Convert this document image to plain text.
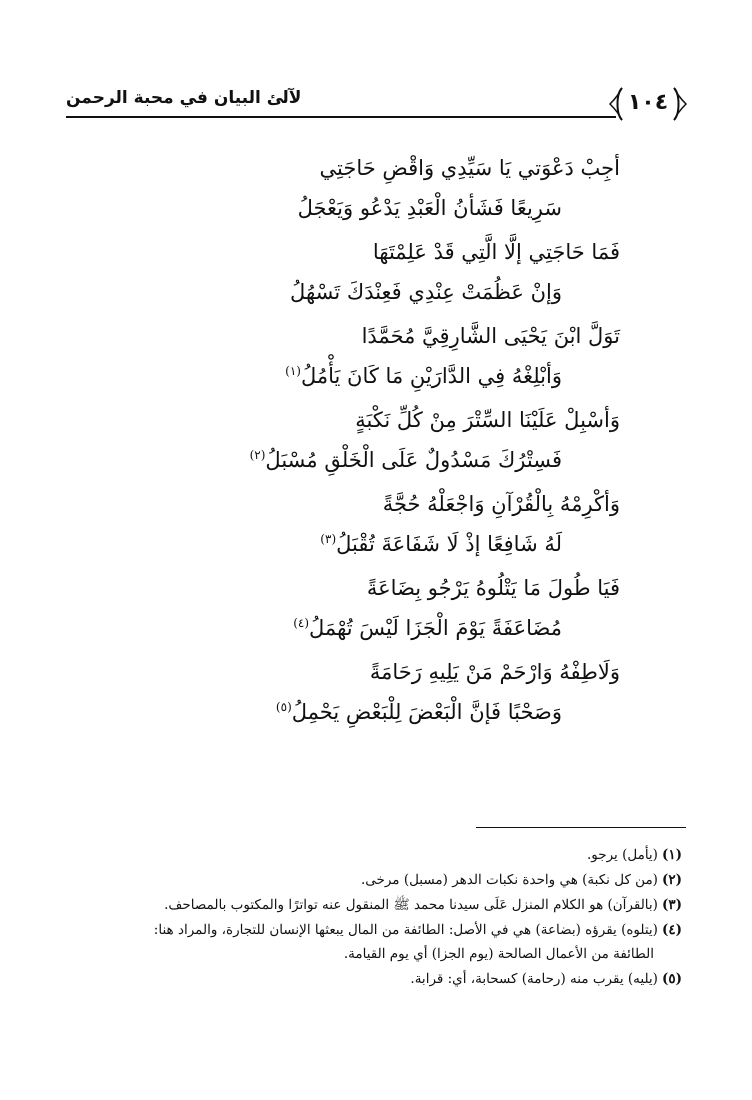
لآلئ البيان في محبة الرحمن	١٠٤
أجِبْ دَعْوَتي يَا سَيِّدِي وَاقْضِ حَاجَتِي
سَرِيعًا فَشَأنُ الْعَبْدِ يَدْعُو وَيَعْجَلُ
فَمَا حَاجَتِي إلَّا الَّتِي قَدْ عَلِمْتَهَا
وَإنْ عَظُمَتْ عِنْدِي فَعِنْدَكَ تَسْهُلُ
تَوَلَّ ابْنَ يَحْيَى الشَّارِقِيَّ مُحَمَّدًا
وَأبْلِغْهُ فِي الدَّارَيْنِ مَا كَانَ يَأْمُلُ$^{(١)}$
وَأسْبِلْ عَلَيْنَا السِّتْرَ مِنْ كُلِّ نَكْبَةٍ
فَسِتْرُكَ مَسْدُولٌ عَلَى الْخَلْقِ مُسْبَلُ$^{(٢)}$
وَأكْرِمْهُ بِالْقُرْآنِ وَاجْعَلْهُ حُجَّةً
لَهُ شَافِعًا إذْ لَا شَفَاعَةَ تُقْبَلُ$^{(٣)}$
فَيَا طُولَ مَا يَتْلُوهُ يَرْجُو بِضَاعَةً
مُضَاعَفَةً يَوْمَ الْجَزَا لَيْسَ تُهْمَلُ$^{(٤)}$
وَلَاطِفْهُ وَارْحَمْ مَنْ يَلِيهِ رَحَامَةً
وَصَحْبًا فَإنَّ الْبَعْضَ لِلْبَعْضِ يَحْمِلُ$^{(٥)}$
(١)(يأمل) يرجو.
(٢)(من كل نكبة) هي واحدة نكبات الدهر (مسبل) مرخى.
(٣)(بالقرآن) هو الكلام المنزل عَلَى سيدنا محمد ﷺ المنقول عنه تواترًا والمكتوب بالمصاحف.
(٤)(يتلوه) يقرؤه (بضاعة) هي في الأصل: الطائفة من المال يبعثها الإنسان للتجارة، والمراد هنا:
الطائفة من الأعمال الصالحة (يوم الجزا) أي يوم القيامة.
(٥)(يليه) يقرب منه (رحامة) كسحابة، أي: قرابة.
